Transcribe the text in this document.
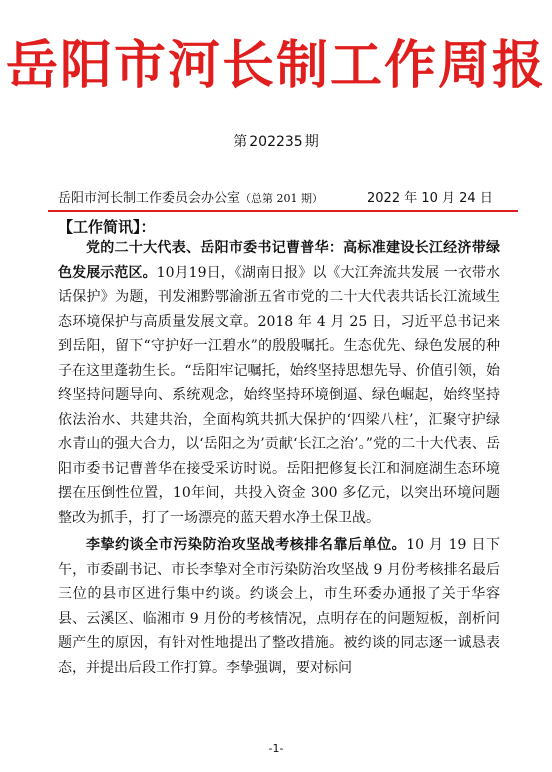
岳阳市河长制工作周报
第 202235 期
岳阳市河长制工作委员会办公室（总第 201 期）	2022 年 10 月 24 日
【工作简讯】：

党的二十大代表、岳阳市委书记曹普华：高标准建设长江经济带绿色发展示范区。10月19日，《湖南日报》以《大江奔流共发展 一衣带水话保护》为题，刊发湘黔鄂渝浙五省市党的二十大代表共话长江流域生态环境保护与高质量发展文章。2018 年 4 月 25 日，习近平总书记来到岳阳，留下“守护好一江碧水”的殷殷嘱托。生态优先、绿色发展的种子在这里蓬勃生长。“岳阳牢记嘱托，始终坚持思想先导、价值引领，始终坚持问题导向、系统观念，始终坚持环境倒逼、绿色崛起，始终坚持依法治水、共建共治，全面构筑共抓大保护的‘四梁八柱’，汇聚守护绿水青山的强大合力，以‘岳阳之为’贡献‘长江之治’。”党的二十大代表、岳阳市委书记曹普华在接受采访时说。岳阳把修复长江和洞庭湖生态环境摆在压倒性位置，10年间，共投入资金 300 多亿元，以突出环境问题整改为抓手，打了一场漂亮的蓝天碧水净土保卫战。

李挚约谈全市污染防治攻坚战考核排名靠后单位。10 月 19 日下午，市委副书记、市长李挚对全市污染防治攻坚战 9 月份考核排名最后三位的县市区进行集中约谈。约谈会上，市生环委办通报了关于华容县、云溪区、临湘市 9 月份的考核情况，点明存在的问题短板，剖析问题产生的原因，有针对性地提出了整改措施。被约谈的同志逐一诚恳表态，并提出后段工作打算。李挚强调，要对标问

-1-
